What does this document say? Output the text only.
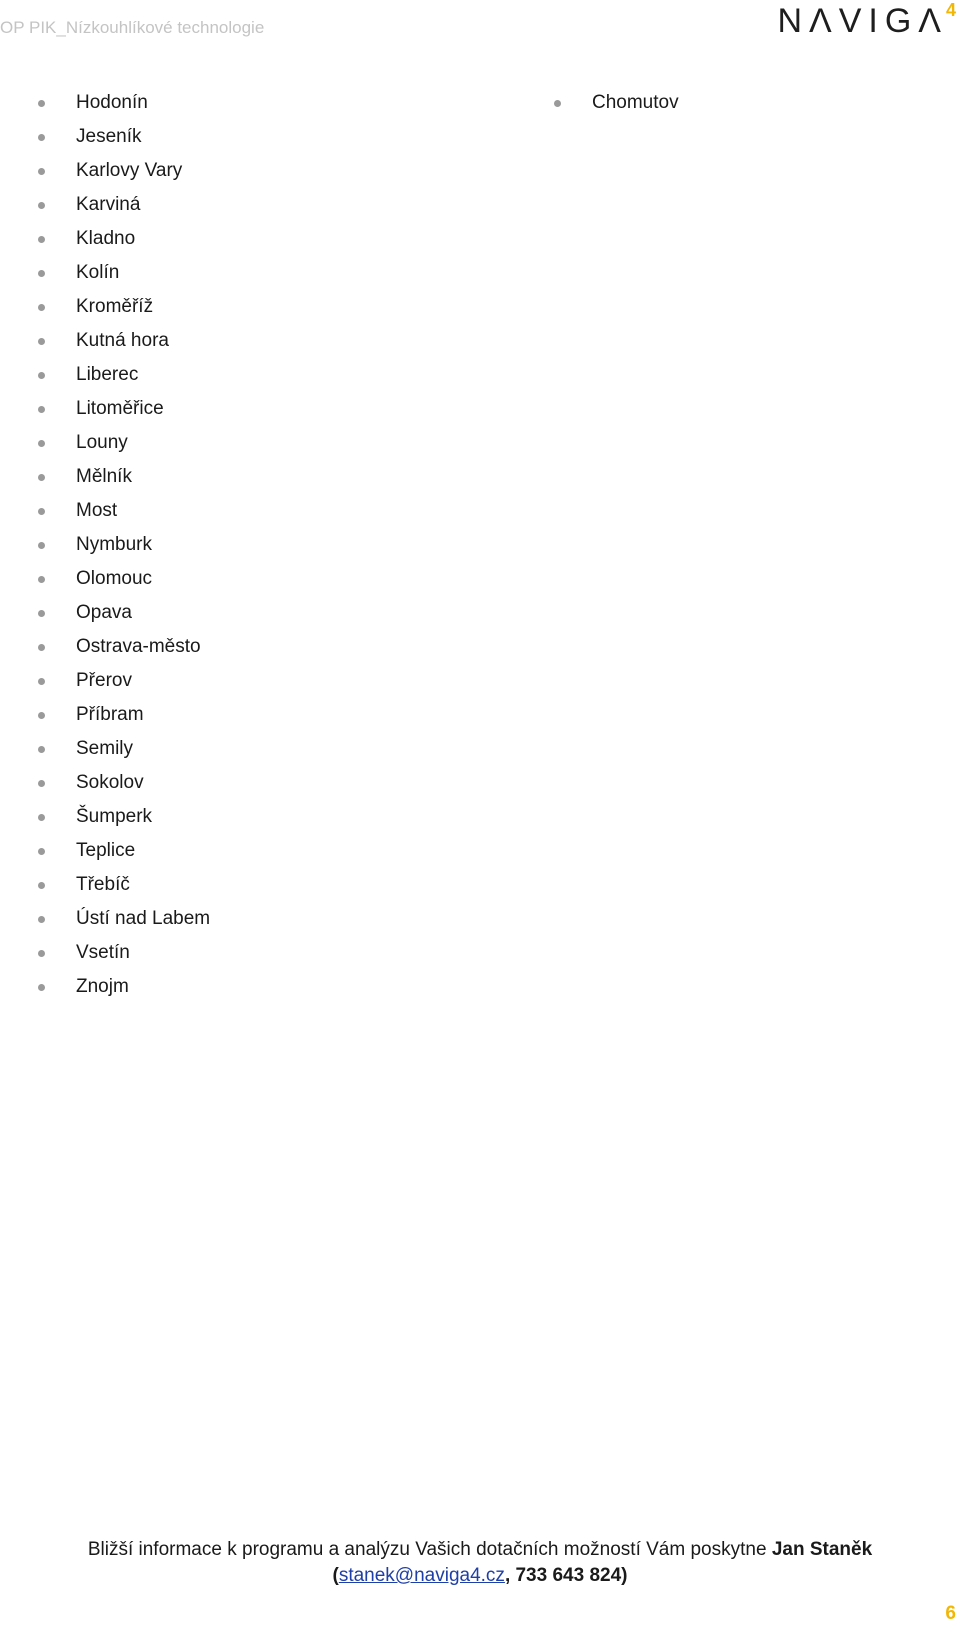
OP PIK_Nízkouhlíkové technologie	NΛVIGΛ
4
Hodonín
Jeseník
Karlovy Vary
Karviná
Kladno
Kolín
Kroměříž
Kutná hora
Liberec
Litoměřice
Louny
Mělník
Most
Nymburk
Olomouc
Opava
Ostrava-město
Přerov
Příbram
Semily
Sokolov
Šumperk
Teplice
Třebíč
Ústí nad Labem
Vsetín
Znojm
Chomutov
Bližší informace k programu a analýzu Vašich dotačních možností Vám poskytne Jan Staněk
(stanek@naviga4.cz, 733 643 824)
6
